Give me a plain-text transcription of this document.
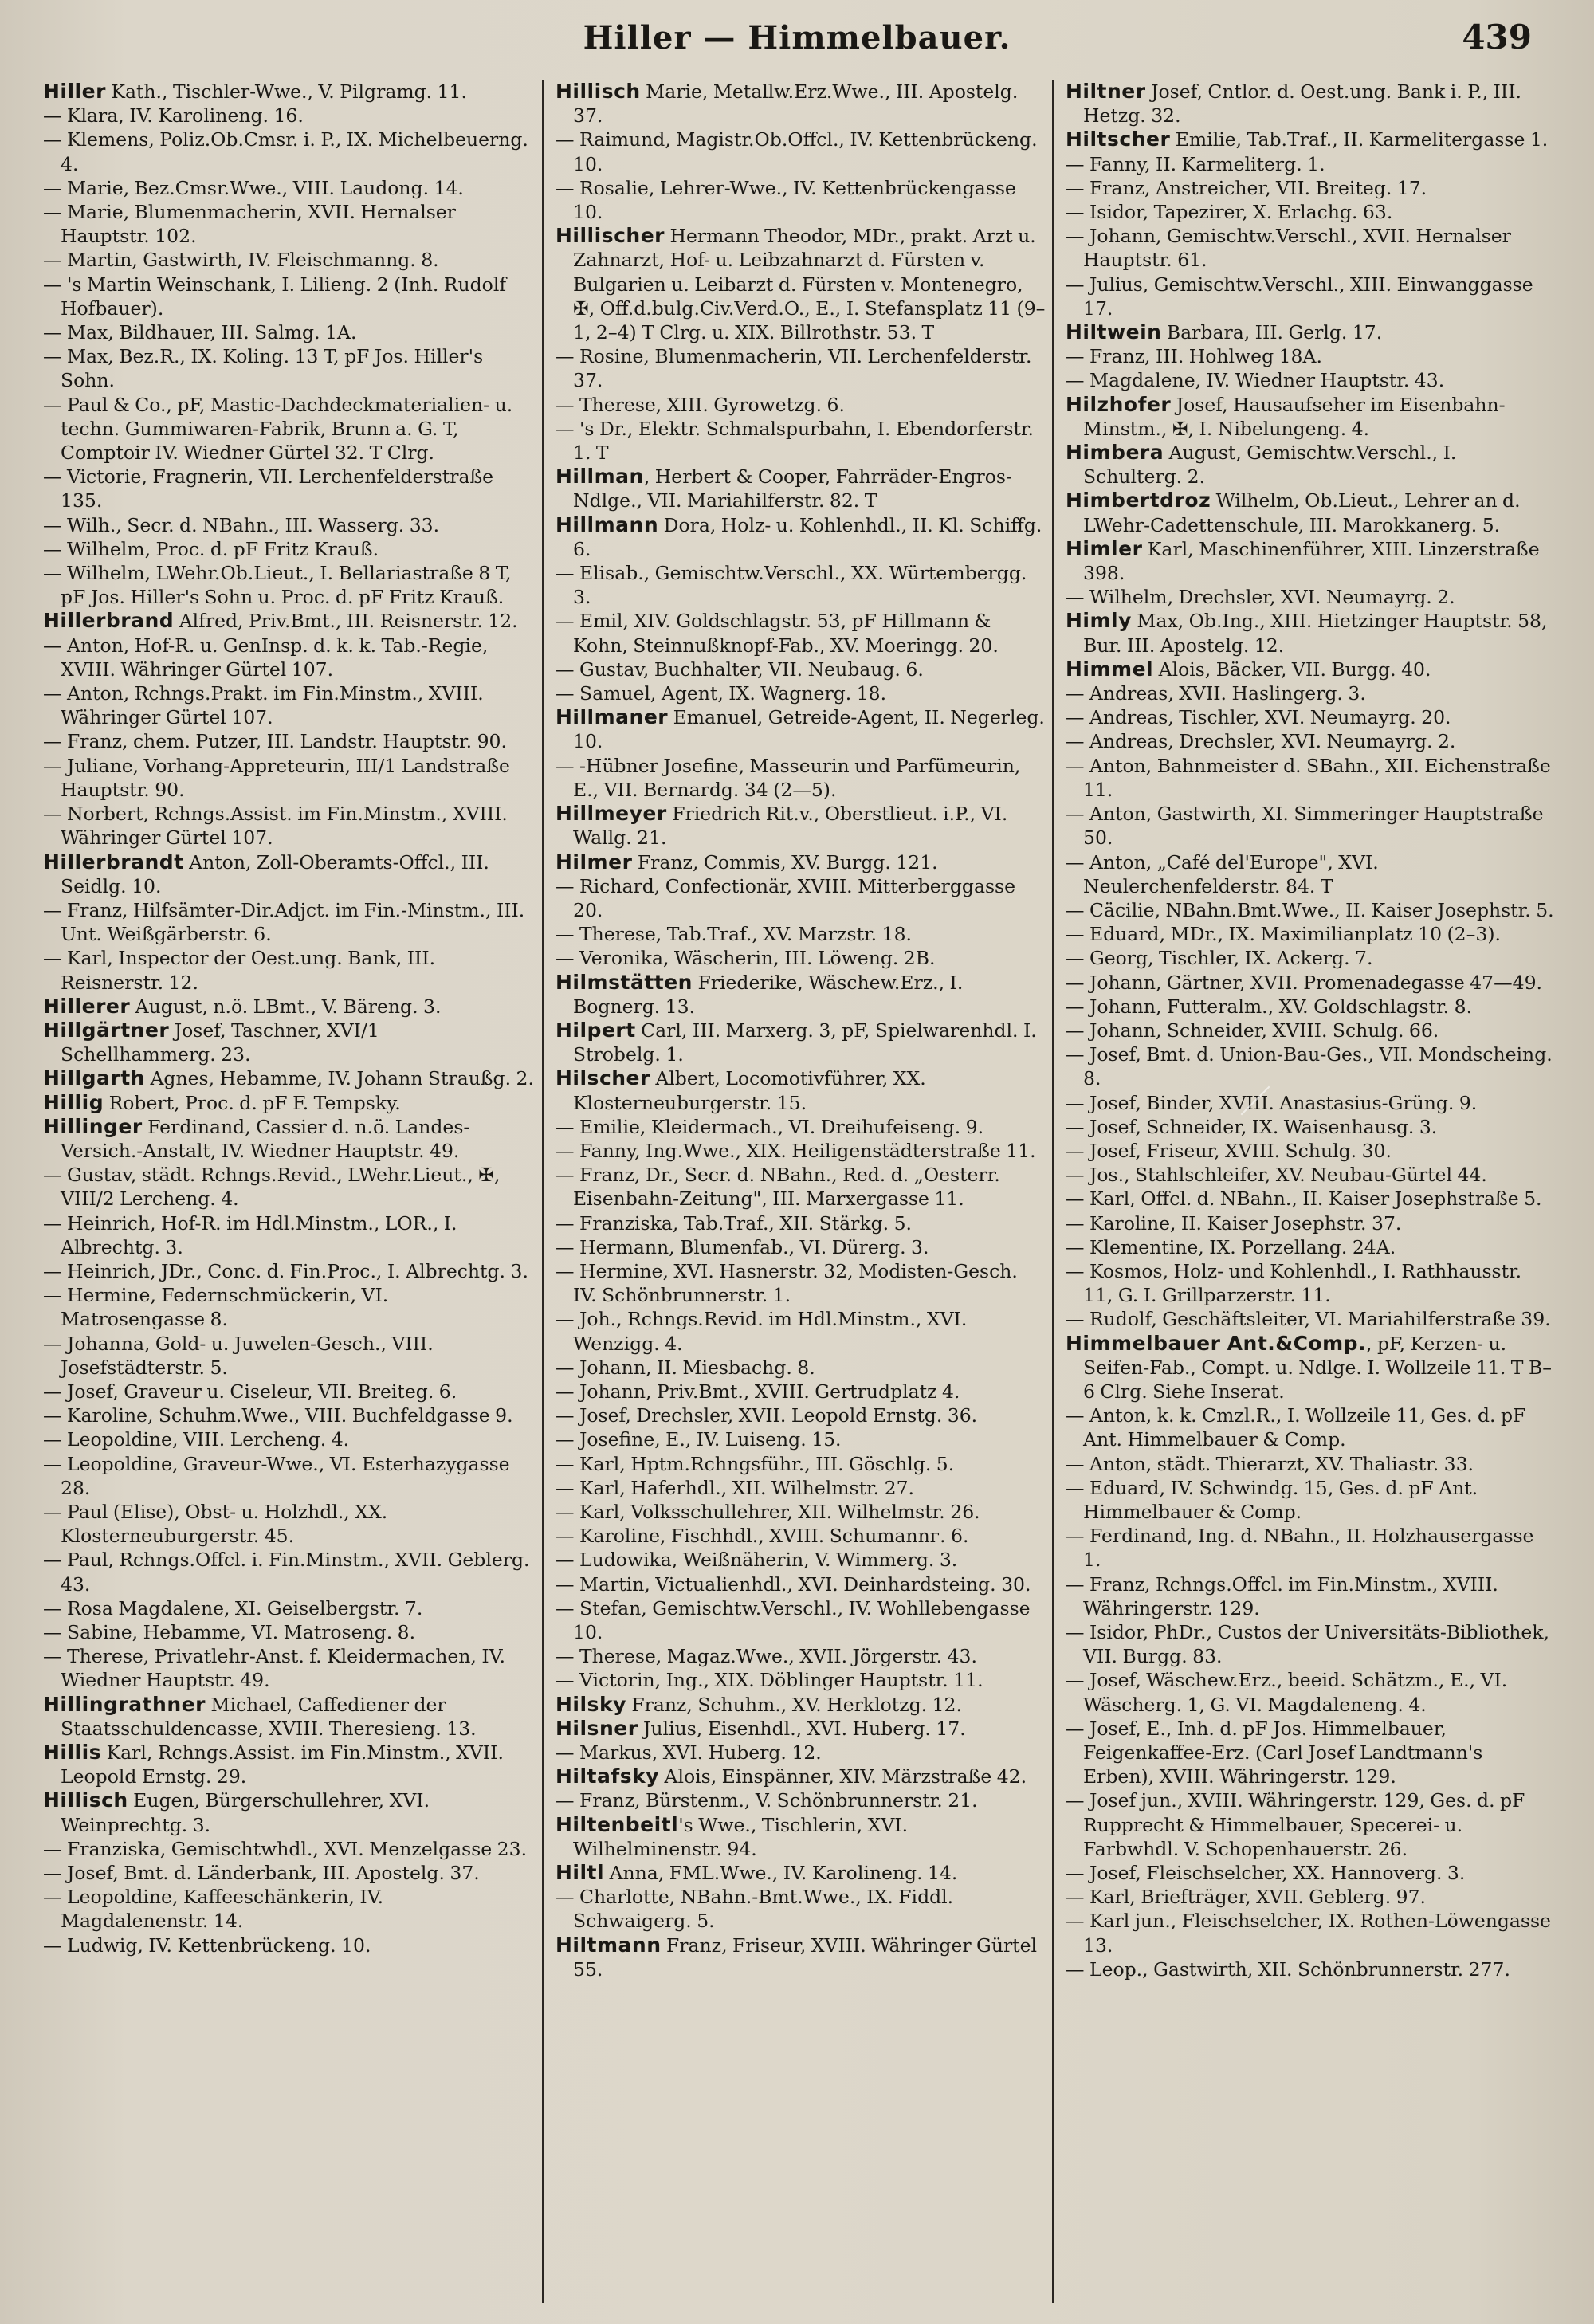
Hiller — Himmelbauer.	439

Hiller Kath., Tischler-Wwe., V. Pilgramg. 11.

— Klara, IV. Karolineng. 16.

— Klemens, Poliz.Ob.Cmsr. i. P., IX. Michelbeuerng. 4.

— Marie, Bez.Cmsr.Wwe., VIII. Laudong. 14.

— Marie, Blumenmacherin, XVII. Hernalser Hauptstr. 102.

— Martin, Gastwirth, IV. Fleischmanng. 8.

— 's Martin Weinschank, I. Lilieng. 2 (Inh. Rudolf Hofbauer).

— Max, Bildhauer, III. Salmg. 1A.

— Max, Bez.R., IX. Koling. 13 T, pF Jos. Hiller's Sohn.

— Paul & Co., pF, Mastic-Dachdeckmaterialien- u. techn. Gummiwaren-Fabrik, Brunn a. G. T, Comptoir IV. Wiedner Gürtel 32. T Clrg.

— Victorie, Fragnerin, VII. Lerchenfelderstraße 135.

— Wilh., Secr. d. NBahn., III. Wasserg. 33.

— Wilhelm, Proc. d. pF Fritz Krauß.

— Wilhelm, LWehr.Ob.Lieut., I. Bellariastraße 8 T, pF Jos. Hiller's Sohn u. Proc. d. pF Fritz Krauß.

Hillerbrand Alfred, Priv.Bmt., III. Reisnerstr. 12.

— Anton, Hof-R. u. GenInsp. d. k. k. Tab.-Regie, XVIII. Währinger Gürtel 107.

— Anton, Rchngs.Prakt. im Fin.Minstm., XVIII. Währinger Gürtel 107.

— Franz, chem. Putzer, III. Landstr. Hauptstr. 90.

— Juliane, Vorhang-Appreteurin, III/1 Landstraße Hauptstr. 90.

— Norbert, Rchngs.Assist. im Fin.Minstm., XVIII. Währinger Gürtel 107.

Hillerbrandt Anton, Zoll-Oberamts-Offcl., III. Seidlg. 10.

— Franz, Hilfsämter-Dir.Adjct. im Fin.-Minstm., III. Unt. Weißgärberstr. 6.

— Karl, Inspector der Oest.ung. Bank, III. Reisnerstr. 12.

Hillerer August, n.ö. LBmt., V. Bäreng. 3.

Hillgärtner Josef, Taschner, XVI/1 Schellhammerg. 23.

Hillgarth Agnes, Hebamme, IV. Johann Straußg. 2.

Hillig Robert, Proc. d. pF F. Tempsky.

Hillinger Ferdinand, Cassier d. n.ö. Landes-Versich.-Anstalt, IV. Wiedner Hauptstr. 49.

— Gustav, städt. Rchngs.Revid., LWehr.Lieut., ✠, VIII/2 Lercheng. 4.

— Heinrich, Hof-R. im Hdl.Minstm., LOR., I. Albrechtg. 3.

— Heinrich, JDr., Conc. d. Fin.Proc., I. Albrechtg. 3.

— Hermine, Federnschmückerin, VI. Matrosengasse 8.

— Johanna, Gold- u. Juwelen-Gesch., VIII. Josefstädterstr. 5.

— Josef, Graveur u. Ciseleur, VII. Breiteg. 6.

— Karoline, Schuhm.Wwe., VIII. Buchfeldgasse 9.

— Leopoldine, VIII. Lercheng. 4.

— Leopoldine, Graveur-Wwe., VI. Esterhazygasse 28.

— Paul (Elise), Obst- u. Holzhdl., XX. Klosterneuburgerstr. 45.

— Paul, Rchngs.Offcl. i. Fin.Minstm., XVII. Geblerg. 43.

— Rosa Magdalene, XI. Geiselbergstr. 7.

— Sabine, Hebamme, VI. Matroseng. 8.

— Therese, Privatlehr-Anst. f. Kleidermachen, IV. Wiedner Hauptstr. 49.

Hillingrathner Michael, Caffediener der Staatsschuldencasse, XVIII. Theresieng. 13.

Hillis Karl, Rchngs.Assist. im Fin.Minstm., XVII. Leopold Ernstg. 29.

Hillisch Eugen, Bürgerschullehrer, XVI. Weinprechtg. 3.

— Franziska, Gemischtwhdl., XVI. Menzelgasse 23.

— Josef, Bmt. d. Länderbank, III. Apostelg. 37.

— Leopoldine, Kaffeeschänkerin, IV. Magdalenenstr. 14.

— Ludwig, IV. Kettenbrückeng. 10.

Hillisch Marie, Metallw.Erz.Wwe., III. Apostelg. 37.

— Raimund, Magistr.Ob.Offcl., IV. Kettenbrückeng. 10.

— Rosalie, Lehrer-Wwe., IV. Kettenbrückengasse 10.

Hillischer Hermann Theodor, MDr., prakt. Arzt u. Zahnarzt, Hof- u. Leibzahnarzt d. Fürsten v. Bulgarien u. Leibarzt d. Fürsten v. Montenegro, ✠, Off.d.bulg.Civ.Verd.O., E., I. Stefansplatz 11 (9–1, 2–4) T Clrg. u. XIX. Billrothstr. 53. T

— Rosine, Blumenmacherin, VII. Lerchenfelderstr. 37.

— Therese, XIII. Gyrowetzg. 6.

— 's Dr., Elektr. Schmalspurbahn, I. Ebendorferstr. 1. T

Hillman, Herbert & Cooper, Fahrräder-Engros-Ndlge., VII. Mariahilferstr. 82. T

Hillmann Dora, Holz- u. Kohlenhdl., II. Kl. Schiffg. 6.

— Elisab., Gemischtw.Verschl., XX. Würtembergg. 3.

— Emil, XIV. Goldschlagstr. 53, pF Hillmann & Kohn, Steinnußknopf-Fab., XV. Moeringg. 20.

— Gustav, Buchhalter, VII. Neubaug. 6.

— Samuel, Agent, IX. Wagnerg. 18.

Hillmaner Emanuel, Getreide-Agent, II. Negerleg. 10.

— -Hübner Josefine, Masseurin und Parfümeurin, E., VII. Bernardg. 34 (2—5).

Hillmeyer Friedrich Rit.v., Oberstlieut. i.P., VI. Wallg. 21.

Hilmer Franz, Commis, XV. Burgg. 121.

— Richard, Confectionär, XVIII. Mitterberggasse 20.

— Therese, Tab.Traf., XV. Marzstr. 18.

— Veronika, Wäscherin, III. Löweng. 2B.

Hilmstätten Friederike, Wäschew.Erz., I. Bognerg. 13.

Hilpert Carl, III. Marxerg. 3, pF, Spielwarenhdl. I. Strobelg. 1.

Hilscher Albert, Locomotivführer, XX. Klosterneuburgerstr. 15.

— Emilie, Kleidermach., VI. Dreihufeiseng. 9.

— Fanny, Ing.Wwe., XIX. Heiligenstädterstraße 11.

— Franz, Dr., Secr. d. NBahn., Red. d. „Oesterr. Eisenbahn-Zeitung", III. Marxergasse 11.

— Franziska, Tab.Traf., XII. Stärkg. 5.

— Hermann, Blumenfab., VI. Dürerg. 3.

— Hermine, XVI. Hasnerstr. 32, Modisten-Gesch. IV. Schönbrunnerstr. 1.

— Joh., Rchngs.Revid. im Hdl.Minstm., XVI. Wenzigg. 4.

— Johann, II. Miesbachg. 8.

— Johann, Priv.Bmt., XVIII. Gertrudplatz 4.

— Josef, Drechsler, XVII. Leopold Ernstg. 36.

— Josefine, E., IV. Luiseng. 15.

— Karl, Hptm.Rchngsführ., III. Göschlg. 5.

— Karl, Haferhdl., XII. Wilhelmstr. 27.

— Karl, Volksschullehrer, XII. Wilhelmstr. 26.

— Karoline, Fischhdl., XVIII. Schumannг. 6.

— Ludowika, Weißnäherin, V. Wimmerg. 3.

— Martin, Victualienhdl., XVI. Deinhardsteing. 30.

— Stefan, Gemischtw.Verschl., IV. Wohllebengasse 10.

— Therese, Magaz.Wwe., XVII. Jörgerstr. 43.

— Victorin, Ing., XIX. Döblinger Hauptstr. 11.

Hilsky Franz, Schuhm., XV. Herklotzg. 12.

Hilsner Julius, Eisenhdl., XVI. Huberg. 17.

— Markus, XVI. Huberg. 12.

Hiltafsky Alois, Einspänner, XIV. Märzstraße 42.

— Franz, Bürstenm., V. Schönbrunnerstr. 21.

Hiltenbeitl's Wwe., Tischlerin, XVI. Wilhelminenstr. 94.

Hiltl Anna, FML.Wwe., IV. Karolineng. 14.

— Charlotte, NBahn.-Bmt.Wwe., IX. Fiddl. Schwaigerg. 5.

Hiltmann Franz, Friseur, XVIII. Währinger Gürtel 55.

Hiltner Josef, Cntlor. d. Oest.ung. Bank i. P., III. Hetzg. 32.

Hiltscher Emilie, Tab.Traf., II. Karmelitergasse 1.

— Fanny, II. Karmeliterg. 1.

— Franz, Anstreicher, VII. Breiteg. 17.

— Isidor, Tapezirer, X. Erlachg. 63.

— Johann, Gemischtw.Verschl., XVII. Hernalser Hauptstr. 61.

— Julius, Gemischtw.Verschl., XIII. Einwanggasse 17.

Hiltwein Barbara, III. Gerlg. 17.

— Franz, III. Hohlweg 18A.

— Magdalene, IV. Wiedner Hauptstr. 43.

Hilzhofer Josef, Hausaufseher im Eisenbahn-Minstm., ✠, I. Nibelungeng. 4.

Himbera August, Gemischtw.Verschl., I. Schulterg. 2.

Himbertdroz Wilhelm, Ob.Lieut., Lehrer an d. LWehr-Cadettenschule, III. Marokkanerg. 5.

Himler Karl, Maschinenführer, XIII. Linzerstraße 398.

— Wilhelm, Drechsler, XVI. Neumayrg. 2.

Himly Max, Ob.Ing., XIII. Hietzinger Hauptstr. 58, Bur. III. Apostelg. 12.

Himmel Alois, Bäcker, VII. Burgg. 40.

— Andreas, XVII. Haslingerg. 3.

— Andreas, Tischler, XVI. Neumayrg. 20.

— Andreas, Drechsler, XVI. Neumayrg. 2.

— Anton, Bahnmeister d. SBahn., XII. Eichenstraße 11.

— Anton, Gastwirth, XI. Simmeringer Hauptstraße 50.

— Anton, „Café del'Europe", XVI. Neulerchenfelderstr. 84. T

— Cäcilie, NBahn.Bmt.Wwe., II. Kaiser Josephstr. 5.

— Eduard, MDr., IX. Maximilianplatz 10 (2–3).

— Georg, Tischler, IX. Ackerg. 7.

— Johann, Gärtner, XVII. Promenadegasse 47—49.

— Johann, Futteralm., XV. Goldschlagstr. 8.

— Johann, Schneider, XVIII. Schulg. 66.

— Josef, Bmt. d. Union-Bau-Ges., VII. Mondscheing. 8.

— Josef, Binder, XVIII. Anastasius-Grüng. 9.

— Josef, Schneider, IX. Waisenhausg. 3.

— Josef, Friseur, XVIII. Schulg. 30.

— Jos., Stahlschleifer, XV. Neubau-Gürtel 44.

— Karl, Offcl. d. NBahn., II. Kaiser Josephstraße 5.

— Karoline, II. Kaiser Josephstr. 37.

— Klementine, IX. Porzellang. 24A.

— Kosmos, Holz- und Kohlenhdl., I. Rathhausstr. 11, G. I. Grillparzerstr. 11.

— Rudolf, Geschäftsleiter, VI. Mariahilferstraße 39.

Himmelbauer Ant.&Comp., pF, Kerzen- u. Seifen-Fab., Compt. u. Ndlge. I. Wollzeile 11. T B–6 Clrg. Siehe Inserat.

— Anton, k. k. Cmzl.R., I. Wollzeile 11, Ges. d. pF Ant. Himmelbauer & Comp.

— Anton, städt. Thierarzt, XV. Thaliastr. 33.

— Eduard, IV. Schwindg. 15, Ges. d. pF Ant. Himmelbauer & Comp.

— Ferdinand, Ing. d. NBahn., II. Holzhausergasse 1.

— Franz, Rchngs.Offcl. im Fin.Minstm., XVIII. Währingerstr. 129.

— Isidor, PhDr., Custos der Universitäts-Bibliothek, VII. Burgg. 83.

— Josef, Wäschew.Erz., beeid. Schätzm., E., VI. Wäscherg. 1, G. VI. Magdaleneng. 4.

— Josef, E., Inh. d. pF Jos. Himmelbauer, Feigenkaffee-Erz. (Carl Josef Landtmann's Erben), XVIII. Währingerstr. 129.

— Josef jun., XVIII. Währingerstr. 129, Ges. d. pF Rupprecht & Himmelbauer, Specerei- u. Farbwhdl. V. Schopenhauerstr. 26.

— Josef, Fleischselcher, XX. Hannoverg. 3.

— Karl, Briefträger, XVII. Geblerg. 97.

— Karl jun., Fleischselcher, IX. Rothen-Löwengasse 13.

— Leop., Gastwirth, XII. Schönbrunnerstr. 277.
